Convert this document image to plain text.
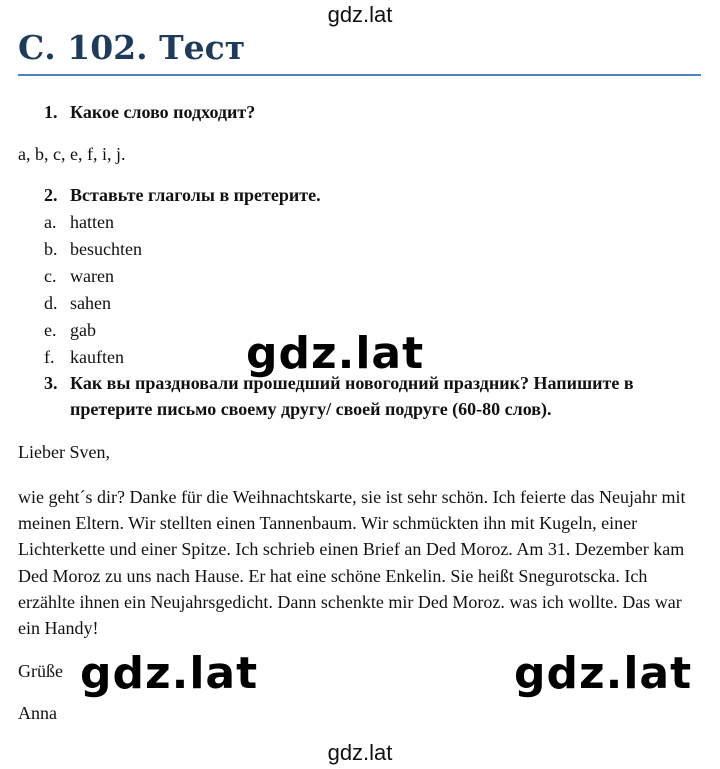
gdz.lat
С. 102. Тест
1. Какое слово подходит?
a, b, c, e, f, i, j.
2. Вставьте глаголы в претерите.
a. hatten
b. besuchten
c. waren
d. sahen
e. gab
f. kauften
3. Как вы праздновали прошедший новогодний праздник? Напишите в претерите письмо своему другу/ своей подруге (60-80 слов).
Lieber Sven,
wie geht´s dir? Danke für die Weihnachtskarte, sie ist sehr schön. Ich feierte das Neujahr mit meinen Eltern. Wir stellten einen Tannenbaum. Wir schmückten ihn mit Kugeln, einer Lichterkette und einer Spitze. Ich schrieb einen Brief an Ded Moroz. Am 31. Dezember kam Ded Moroz zu uns nach Hause. Er hat eine schöne Enkelin. Sie heißt Snegurotscka. Ich erzählte ihnen ein Neujahrsgedicht. Dann schenkte mir Ded Moroz. was ich wollte. Das war ein Handy!
Grüße
Anna
gdz.lat
gdz.lat	gdz.lat
gdz.lat
